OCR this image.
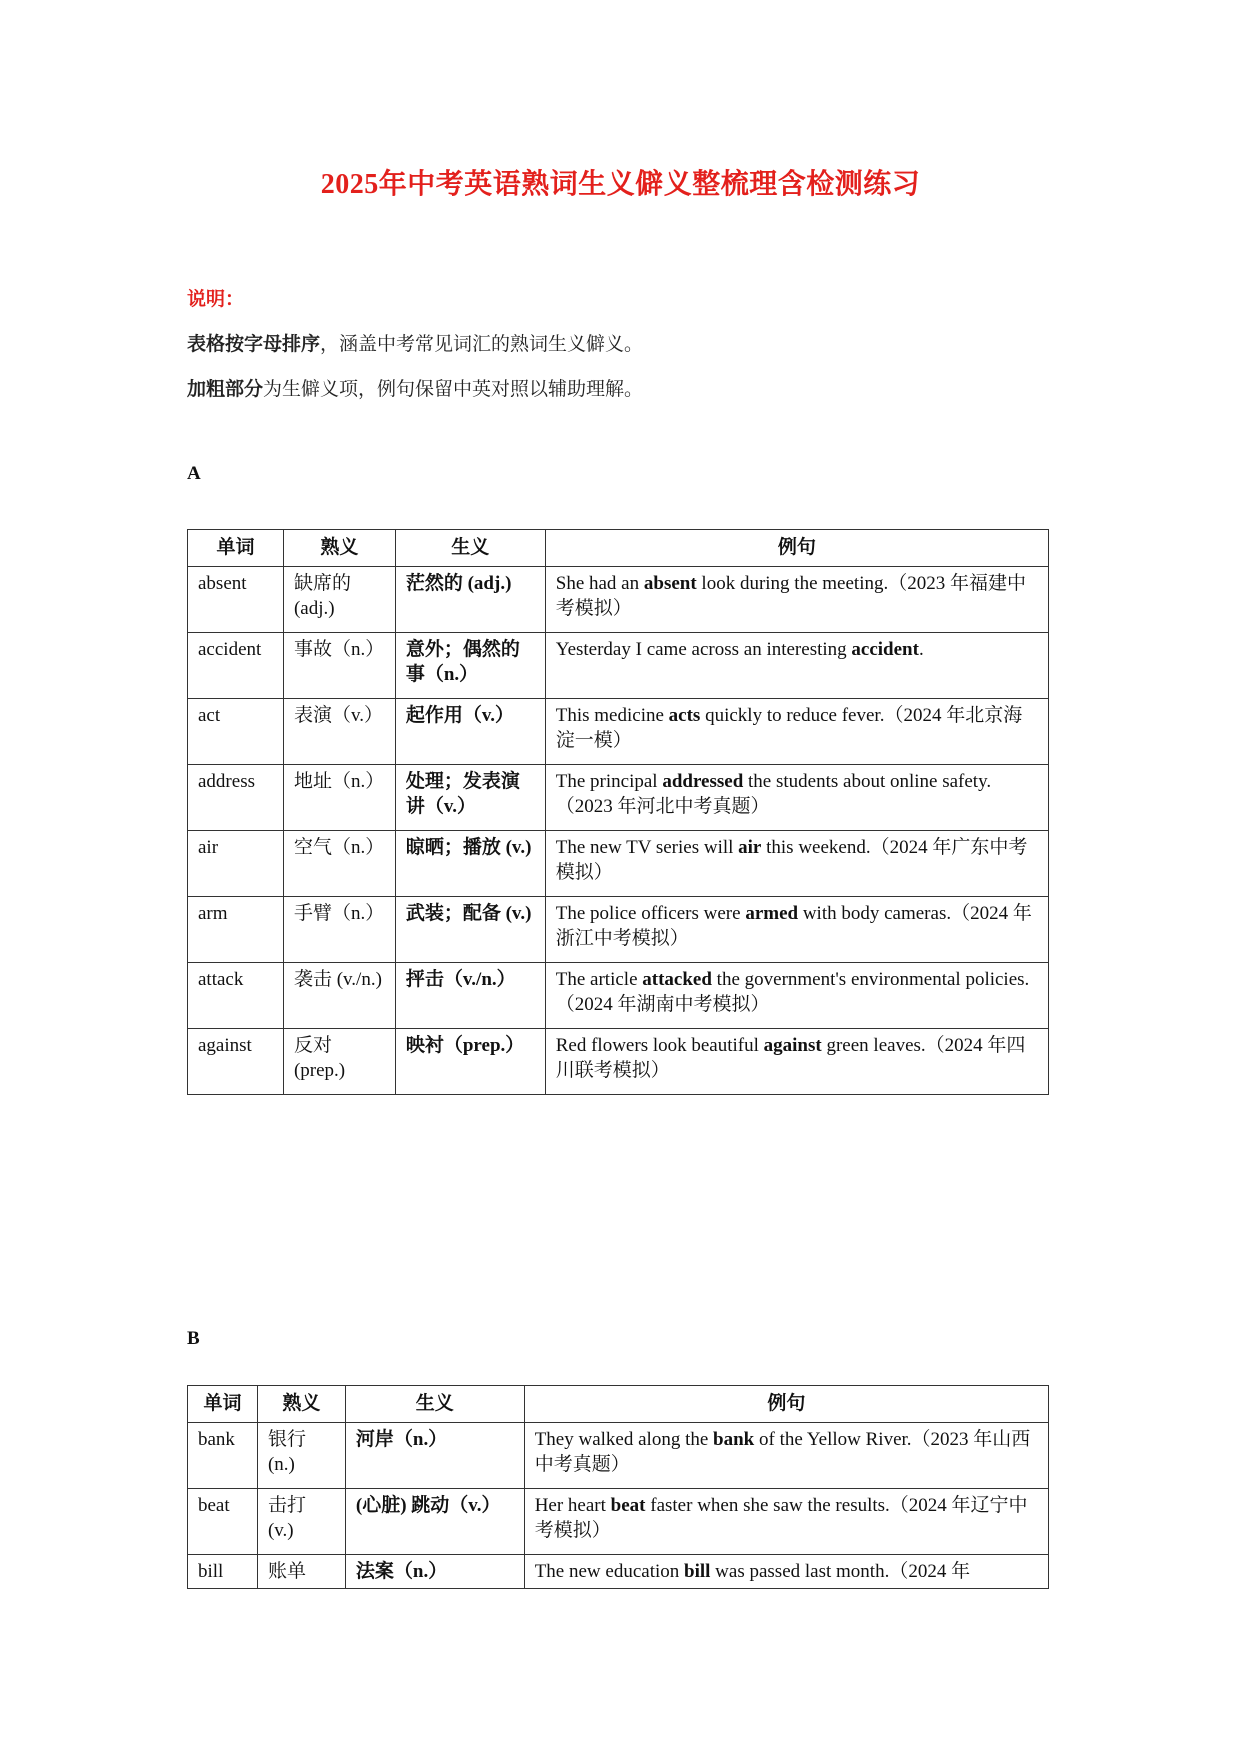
2025年中考英语熟词生义僻义整梳理含检测练习
说明：
表格按字母排序，涵盖中考常见词汇的熟词生义僻义。
加粗部分为生僻义项，例句保留中英对照以辅助理解。
A
单词	熟义	生义	例句
absent	缺席的 (adj.)	茫然的 (adj.)	She had an absent look during the meeting.（2023 年福建中考模拟）
accident	事故（n.）	意外；偶然的事（n.）	Yesterday I came across an interesting accident.
act	表演（v.）	起作用（v.）	This medicine acts quickly to reduce fever.（2024 年北京海淀一模）
address	地址（n.）	处理；发表演讲（v.）	The principal addressed the students about online safety.（2023 年河北中考真题）
air	空气（n.）	晾晒；播放 (v.)	The new TV series will air this weekend.（2024 年广东中考模拟）
arm	手臂（n.）	武装；配备 (v.)	The police officers were armed with body cameras.（2024 年浙江中考模拟）
attack	袭击 (v./n.)	抨击（v./n.）	The article attacked the government's environmental policies.（2024 年湖南中考模拟）
against	反对 (prep.)	映衬（prep.）	Red flowers look beautiful against green leaves.（2024 年四川联考模拟）
B
单词	熟义	生义	例句
bank	银行 (n.)	河岸（n.）	They walked along the bank of the Yellow River.（2023 年山西中考真题）
beat	击打 (v.)	(心脏) 跳动（v.）	Her heart beat faster when she saw the results.（2024 年辽宁中考模拟）
bill	账单	法案（n.）	The new education bill was passed last month.（2024 年
